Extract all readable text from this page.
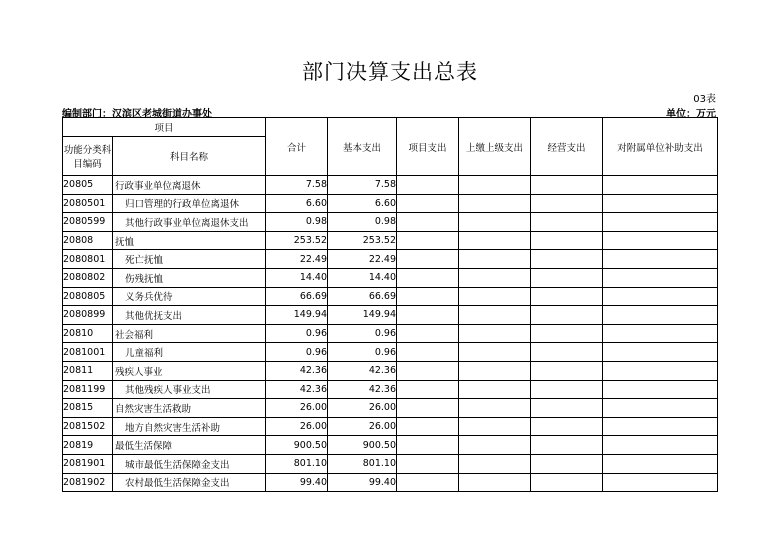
部门决算支出总表
03表
编制部门：汉滨区老城街道办事处	单位：万元
项目		合计	基本支出	项目支出	上缴上级支出	经营支出	对附属单位补助支出
功能分类科目编码	科目名称						
20805	行政事业单位离退休	7.58	7.58				
2080501	归口管理的行政单位离退休	6.60	6.60				
2080599	其他行政事业单位离退休支出	0.98	0.98				
20808	抚恤	253.52	253.52				
2080801	死亡抚恤	22.49	22.49				
2080802	伤残抚恤	14.40	14.40				
2080805	义务兵优待	66.69	66.69				
2080899	其他优抚支出	149.94	149.94				
20810	社会福利	0.96	0.96				
2081001	儿童福利	0.96	0.96				
20811	残疾人事业	42.36	42.36				
2081199	其他残疾人事业支出	42.36	42.36				
20815	自然灾害生活救助	26.00	26.00				
2081502	地方自然灾害生活补助	26.00	26.00				
20819	最低生活保障	900.50	900.50				
2081901	城市最低生活保障金支出	801.10	801.10				
2081902	农村最低生活保障金支出	99.40	99.40				
